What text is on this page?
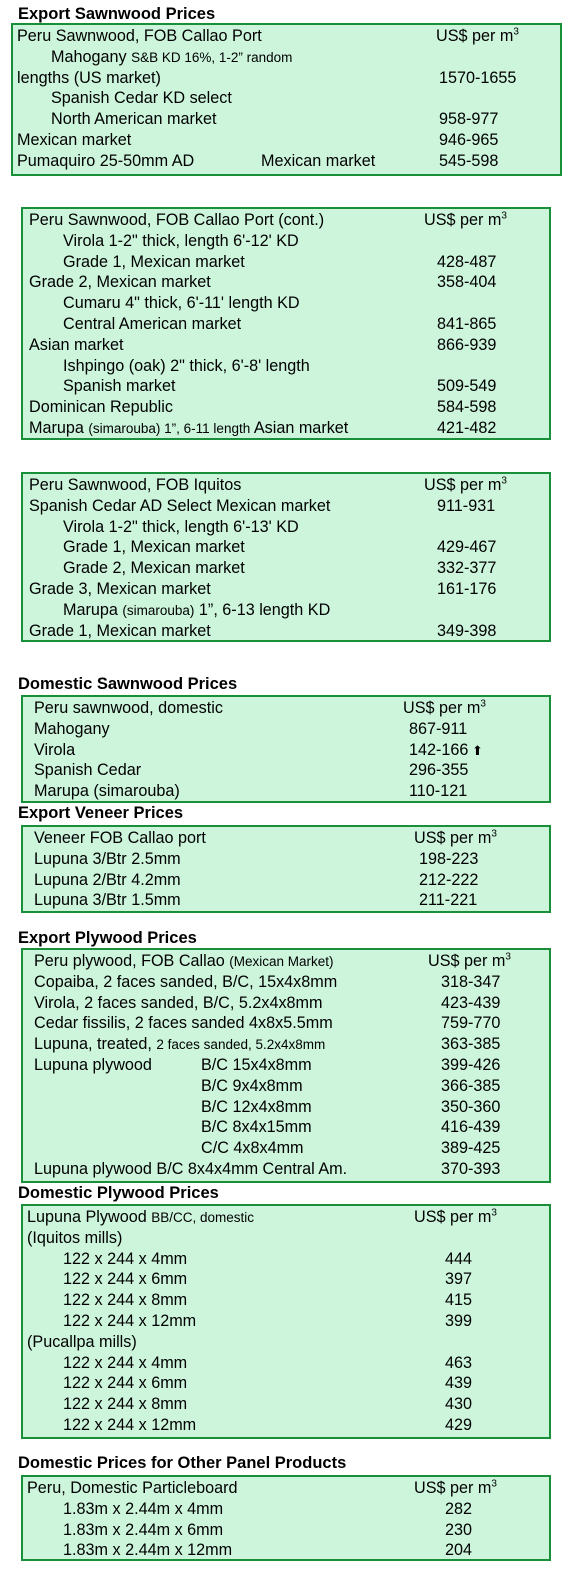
Export Sawnwood Prices
Domestic Sawnwood Prices
Export Veneer Prices
Export Plywood Prices
Domestic Plywood Prices
Domestic Prices for Other Panel Products
Peru Sawnwood, FOB Callao Port	US$ per $m^3$
Mahogany S&B KD 16%, 1-2” random
lengths (US market)	1570-1655
Spanish Cedar KD select
North American market	958-977
Mexican market	946-965
Pumaquiro 25-50mm AD	Mexican market	545-598
Peru Sawnwood, FOB Callao Port (cont.)	US$ per $m^3$
Virola 1-2" thick, length 6'-12' KD
Grade 1, Mexican market	428-487
Grade 2, Mexican market	358-404
Cumaru 4" thick, 6'-11' length KD
Central American market	841-865
Asian market	866-939
Ishpingo (oak) 2" thick, 6'-8' length
Spanish market	509-549
Dominican Republic	584-598
Marupa (simarouba) 1”, 6-11 length Asian market	421-482
Peru Sawnwood, FOB Iquitos	US$ per $m^3$
Spanish Cedar AD Select Mexican market	911-931
Virola 1-2" thick, length 6'-13' KD
Grade 1, Mexican market	429-467
Grade 2, Mexican market	332-377
Grade 3, Mexican market	161-176
Marupa (simarouba) 1”, 6-13 length KD
Grade 1, Mexican market	349-398
Peru sawnwood, domestic	US$ per $m^3$
Mahogany	867-911
Virola	142-166 ⬆
Spanish Cedar	296-355
Marupa (simarouba)	110-121
Veneer FOB Callao port	US$ per $m^3$
Lupuna 3/Btr 2.5mm	198-223
Lupuna 2/Btr 4.2mm	212-222
Lupuna 3/Btr 1.5mm	211-221
Peru plywood, FOB Callao (Mexican Market)	US$ per $m^3$
Copaiba, 2 faces sanded, B/C, 15x4x8mm	318-347
Virola, 2 faces sanded, B/C, 5.2x4x8mm	423-439
Cedar fissilis, 2 faces sanded 4x8x5.5mm	759-770
Lupuna, treated, 2 faces sanded, 5.2x4x8mm	363-385
Lupuna plywood	B/C 15x4x8mm	399-426
B/C 9x4x8mm	366-385
B/C 12x4x8mm	350-360
B/C 8x4x15mm	416-439
C/C 4x8x4mm	389-425
Lupuna plywood B/C 8x4x4mm Central Am.	370-393
Lupuna Plywood BB/CC, domestic	US$ per $m^3$
(Iquitos mills)
122 x 244 x 4mm	444
122 x 244 x 6mm	397
122 x 244 x 8mm	415
122 x 244 x 12mm	399
(Pucallpa mills)
122 x 244 x 4mm	463
122 x 244 x 6mm	439
122 x 244 x 8mm	430
122 x 244 x 12mm	429
Peru, Domestic Particleboard	US$ per $m^3$
1.83m x 2.44m x 4mm	282
1.83m x 2.44m x 6mm	230
1.83m x 2.44m x 12mm	204
